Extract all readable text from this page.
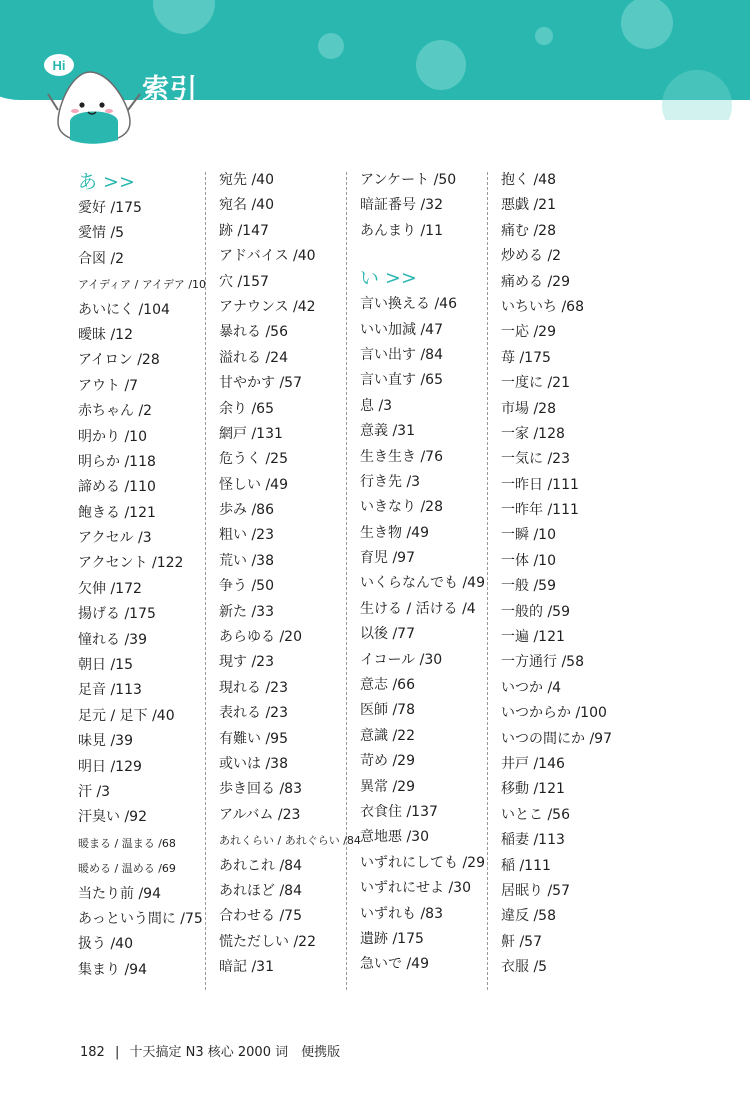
Hi
索引
あ >>
愛好 /175
愛情 /5
合図 /2
アイディア / アイデア /10
あいにく /104
曖昧 /12
アイロン /28
アウト /7
赤ちゃん /2
明かり /10
明らか /118
諦める /110
飽きる /121
アクセル /3
アクセント /122
欠伸 /172
揚げる /175
憧れる /39
朝日 /15
足音 /113
足元 / 足下 /40
味見 /39
明日 /129
汗 /3
汗臭い /92
暖まる / 温まる /68
暖める / 温める /69
当たり前 /94
あっという間に /75
扱う /40
集まり /94
宛先 /40
宛名 /40
跡 /147
アドバイス /40
穴 /157
アナウンス /42
暴れる /56
溢れる /24
甘やかす /57
余り /65
網戸 /131
危うく /25
怪しい /49
歩み /86
粗い /23
荒い /38
争う /50
新た /33
あらゆる /20
現す /23
現れる /23
表れる /23
有難い /95
或いは /38
歩き回る /83
アルバム /23
あれくらい / あれぐらい /84
あれこれ /84
あれほど /84
合わせる /75
慌ただしい /22
暗記 /31
アンケート /50
暗証番号 /32
あんまり /11
い >>
言い換える /46
いい加減 /47
言い出す /84
言い直す /65
息 /3
意義 /31
生き生き /76
行き先 /3
いきなり /28
生き物 /49
育児 /97
いくらなんでも /49
生ける / 活ける /4
以後 /77
イコール /30
意志 /66
医師 /78
意識 /22
苛め /29
異常 /29
衣食住 /137
意地悪 /30
いずれにしても /29
いずれにせよ /30
いずれも /83
遺跡 /175
急いで /49
抱く /48
悪戯 /21
痛む /28
炒める /2
痛める /29
いちいち /68
一応 /29
苺 /175
一度に /21
市場 /28
一家 /128
一気に /23
一昨日 /111
一昨年 /111
一瞬 /10
一体 /10
一般 /59
一般的 /59
一遍 /121
一方通行 /58
いつか /4
いつからか /100
いつの間にか /97
井戸 /146
移動 /121
いとこ /56
稲妻 /113
稲 /111
居眠り /57
違反 /58
鼾 /57
衣服 /5
182 | 十天搞定 N3 核心 2000 词　便携版
